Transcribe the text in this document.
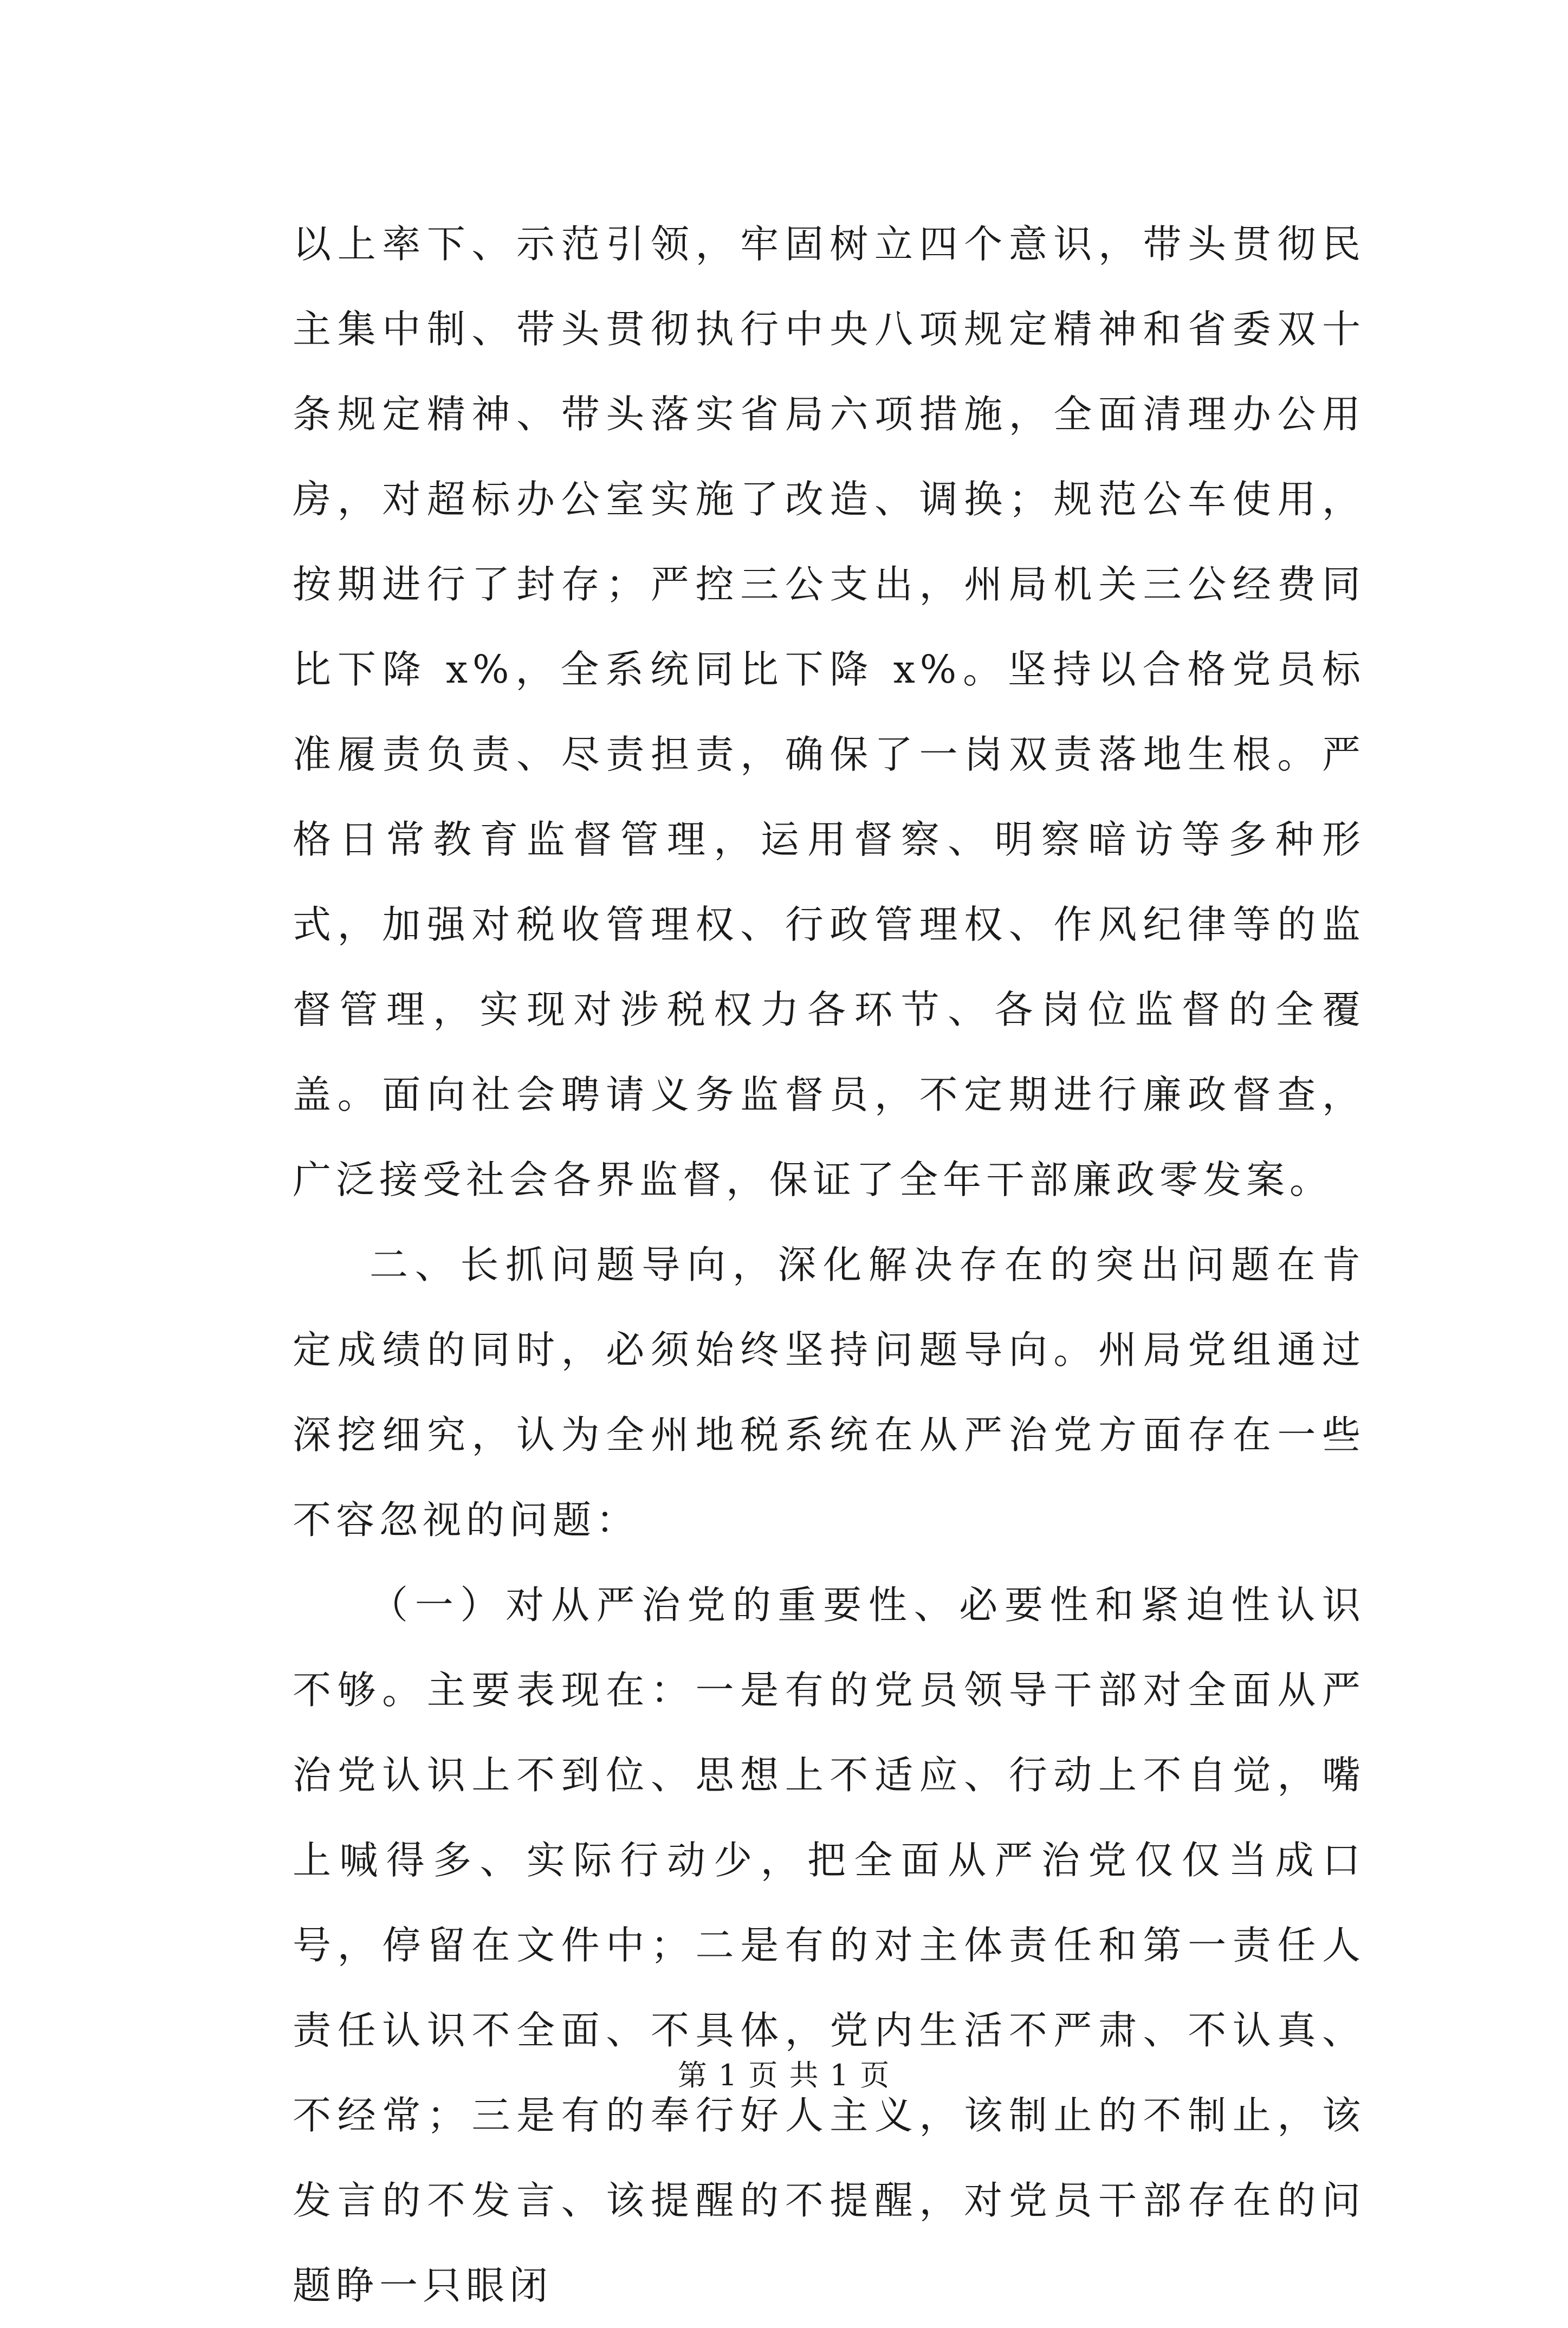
以上率下、示范引领，牢固树立四个意识，带头贯彻民主集中制、带头贯彻执行中央八项规定精神和省委双十条规定精神、带头落实省局六项措施，全面清理办公用房，对超标办公室实施了改造、调换；规范公车使用，按期进行了封存；严控三公支出，州局机关三公经费同比下降 x%，全系统同比下降 x%。坚持以合格党员标准履责负责、尽责担责，确保了一岗双责落地生根。严格日常教育监督管理，运用督察、明察暗访等多种形式，加强对税收管理权、行政管理权、作风纪律等的监督管理，实现对涉税权力各环节、各岗位监督的全覆盖。面向社会聘请义务监督员，不定期进行廉政督查，广泛接受社会各界监督，保证了全年干部廉政零发案。

二、长抓问题导向，深化解决存在的突出问题在肯定成绩的同时，必须始终坚持问题导向。州局党组通过深挖细究，认为全州地税系统在从严治党方面存在一些不容忽视的问题：

（一）对从严治党的重要性、必要性和紧迫性认识不够。主要表现在：一是有的党员领导干部对全面从严治党认识上不到位、思想上不适应、行动上不自觉，嘴上喊得多、实际行动少，把全面从严治党仅仅当成口号，停留在文件中；二是有的对主体责任和第一责任人责任认识不全面、不具体，党内生活不严肃、不认真、不经常；三是有的奉行好人主义，该制止的不制止，该发言的不发言、该提醒的不提醒，对党员干部存在的问题睁一只眼闭

第 1 页 共 1 页
